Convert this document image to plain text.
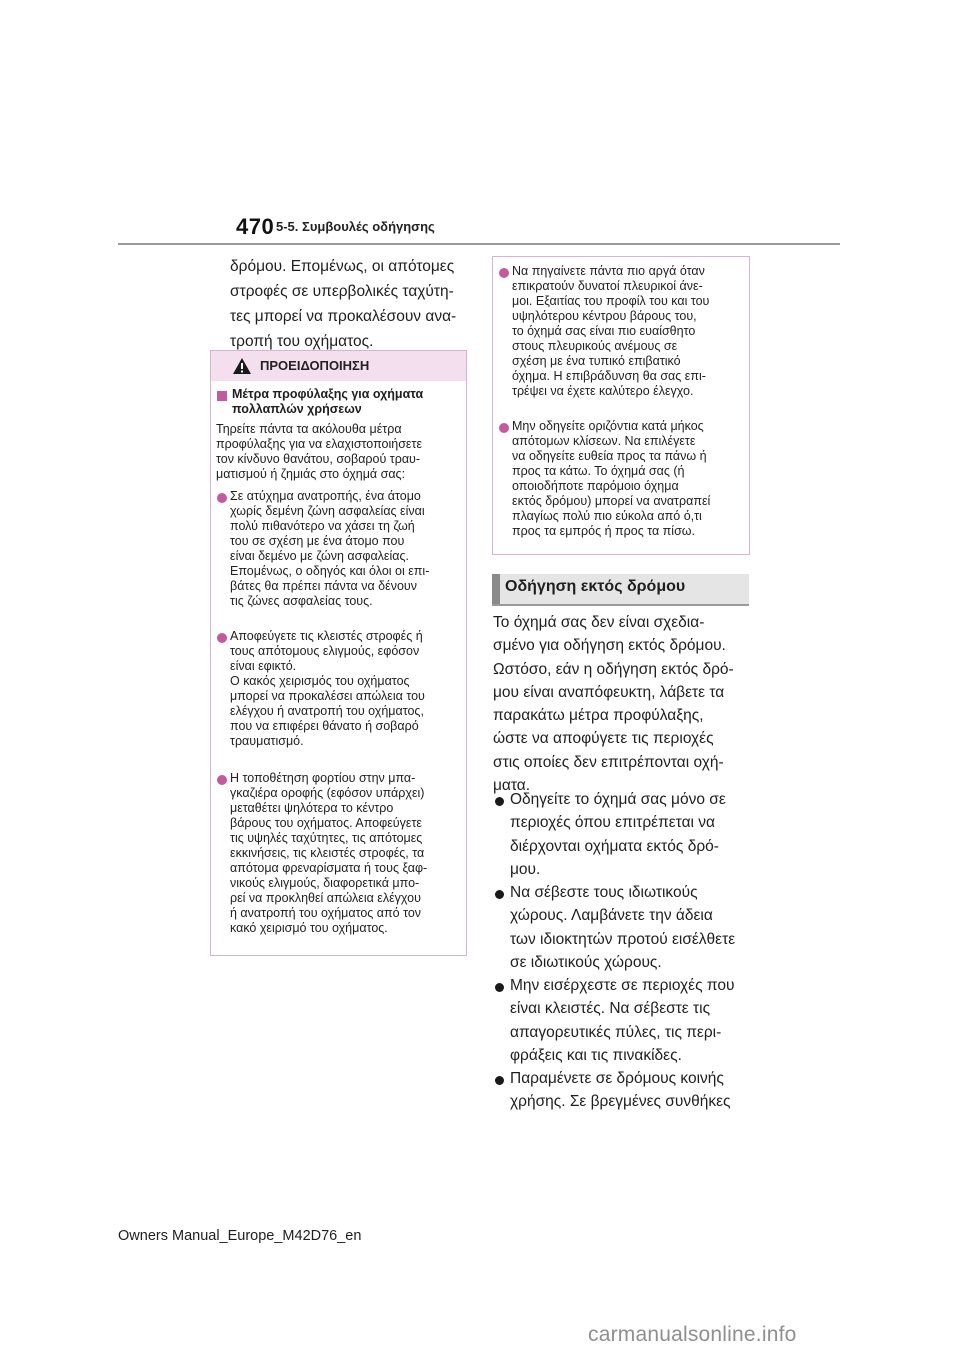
470 5-5. Συμβουλές οδήγησης
δρόμου. Επομένως, οι απότομες
στροφές σε υπερβολικές ταχύτη-
τες μπορεί να προκαλέσουν ανα-
τροπή του οχήματος.
ΠΡΟΕΙΔΟΠΟΙΗΣΗ
Μέτρα προφύλαξης για οχήματα
πολλαπλών χρήσεων
Τηρείτε πάντα τα ακόλουθα μέτρα
προφύλαξης για να ελαχιστοποιήσετε
τον κίνδυνο θανάτου, σοβαρού τραυ-
ματισμού ή ζημιάς στο όχημά σας:
Σε ατύχημα ανατροπής, ένα άτομο
χωρίς δεμένη ζώνη ασφαλείας είναι
πολύ πιθανότερο να χάσει τη ζωή
του σε σχέση με ένα άτομο που
είναι δεμένο με ζώνη ασφαλείας.
Επομένως, ο οδηγός και όλοι οι επι-
βάτες θα πρέπει πάντα να δένουν
τις ζώνες ασφαλείας τους.
Αποφεύγετε τις κλειστές στροφές ή
τους απότομους ελιγμούς, εφόσον
είναι εφικτό.
Ο κακός χειρισμός του οχήματος
μπορεί να προκαλέσει απώλεια του
ελέγχου ή ανατροπή του οχήματος,
που να επιφέρει θάνατο ή σοβαρό
τραυματισμό.
Η τοποθέτηση φορτίου στην μπα-
γκαζιέρα οροφής (εφόσον υπάρχει)
μεταθέτει ψηλότερα το κέντρο
βάρους του οχήματος. Αποφεύγετε
τις υψηλές ταχύτητες, τις απότομες
εκκινήσεις, τις κλειστές στροφές, τα
απότομα φρεναρίσματα ή τους ξαφ-
νικούς ελιγμούς, διαφορετικά μπο-
ρεί να προκληθεί απώλεια ελέγχου
ή ανατροπή του οχήματος από τον
κακό χειρισμό του οχήματος.
Να πηγαίνετε πάντα πιο αργά όταν
επικρατούν δυνατοί πλευρικοί άνε-
μοι. Εξαιτίας του προφίλ του και του
υψηλότερου κέντρου βάρους του,
το όχημά σας είναι πιο ευαίσθητο
στους πλευρικούς ανέμους σε
σχέση με ένα τυπικό επιβατικό
όχημα. Η επιβράδυνση θα σας επι-
τρέψει να έχετε καλύτερο έλεγχο.
Μην οδηγείτε οριζόντια κατά μήκος
απότομων κλίσεων. Να επιλέγετε
να οδηγείτε ευθεία προς τα πάνω ή
προς τα κάτω. Το όχημά σας (ή
οποιοδήποτε παρόμοιο όχημα
εκτός δρόμου) μπορεί να ανατραπεί
πλαγίως πολύ πιο εύκολα από ό,τι
προς τα εμπρός ή προς τα πίσω.
Οδήγηση εκτός δρόμου
Το όχημά σας δεν είναι σχεδια-
σμένο για οδήγηση εκτός δρόμου.
Ωστόσο, εάν η οδήγηση εκτός δρό-
μου είναι αναπόφευκτη, λάβετε τα
παρακάτω μέτρα προφύλαξης,
ώστε να αποφύγετε τις περιοχές
στις οποίες δεν επιτρέπονται οχή-
ματα.
Οδηγείτε το όχημά σας μόνο σε
περιοχές όπου επιτρέπεται να
διέρχονται οχήματα εκτός δρό-
μου.
Να σέβεστε τους ιδιωτικούς
χώρους. Λαμβάνετε την άδεια
των ιδιοκτητών προτού εισέλθετε
σε ιδιωτικούς χώρους.
Μην εισέρχεστε σε περιοχές που
είναι κλειστές. Να σέβεστε τις
απαγορευτικές πύλες, τις περι-
φράξεις και τις πινακίδες.
Παραμένετε σε δρόμους κοινής
χρήσης. Σε βρεγμένες συνθήκες
Owners Manual_Europe_M42D76_en
carmanualsonline.info
